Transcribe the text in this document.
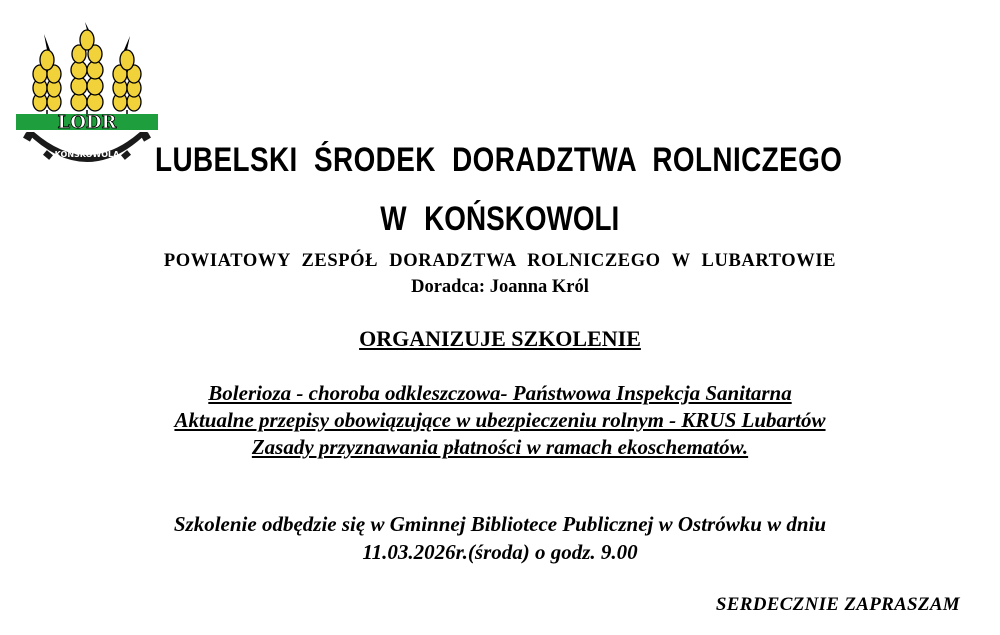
LODR
KOŃSKOWOLA LUBELSKI ŚRODEK DORADZTWA ROLNICZEGO
W KOŃSKOWOLI
POWIATOWY ZESPÓŁ DORADZTWA ROLNICZEGO W LUBARTOWIE
Doradca: Joanna Król
ORGANIZUJE SZKOLENIE
Bolerioza - choroba odkleszczowa- Państwowa Inspekcja Sanitarna
Aktualne przepisy obowiązujące w ubezpieczeniu rolnym - KRUS Lubartów
Zasady przyznawania płatności w ramach ekoschematów.
Szkolenie odbędzie się w Gminnej Bibliotece Publicznej w Ostrówku w dniu
11.03.2026r.(środa) o godz. 9.00
SERDECZNIE ZAPRASZAM
